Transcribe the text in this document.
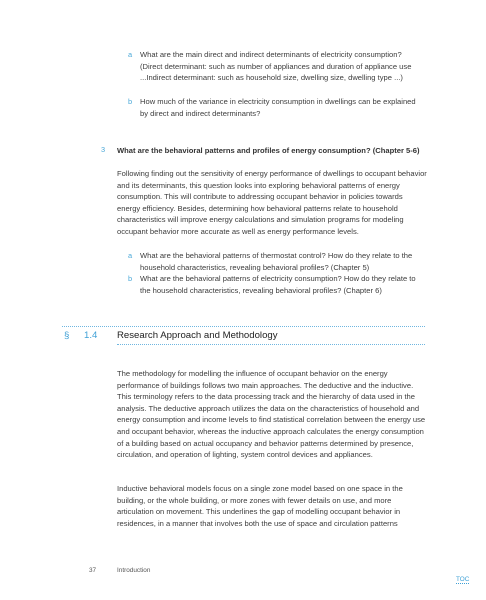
a What are the main direct and indirect determinants of electricity consumption? (Direct determinant: such as number of appliances and duration of appliance use ...Indirect determinant: such as household size, dwelling size, dwelling type ...)
b How much of the variance in electricity consumption in dwellings can be explained by direct and indirect determinants?
3 What are the behavioral patterns and profiles of energy consumption? (Chapter 5-6)
Following finding out the sensitivity of energy performance of dwellings to occupant behavior and its determinants, this question looks into exploring behavioral patterns of energy consumption. This will contribute to addressing occupant behavior in policies towards energy efficiency. Besides, determining how behavioral patterns relate to household characteristics will improve energy calculations and simulation programs for modeling occupant behavior more accurate as well as energy performance levels.
a What are the behavioral patterns of thermostat control? How do they relate to the household characteristics, revealing behavioral profiles? (Chapter 5)
b What are the behavioral patterns of electricity consumption? How do they relate to the household characteristics, revealing behavioral profiles? (Chapter 6)
§ 1.4 Research Approach and Methodology
The methodology for modelling the influence of occupant behavior on the energy performance of buildings follows two main approaches. The deductive and the inductive. This terminology refers to the data processing track and the hierarchy of data used in the analysis. The deductive approach utilizes the data on the characteristics of household and energy consumption and income levels to find statistical correlation between the energy use and occupant behavior, whereas the inductive approach calculates the energy consumption of a building based on actual occupancy and behavior patterns determined by presence, circulation, and operation of lighting, system control devices and appliances.
Inductive behavioral models focus on a single zone model based on one space in the building, or the whole building, or more zones with fewer details on use, and more articulation on movement. This underlines the gap of modelling occupant behavior in residences, in a manner that involves both the use of space and circulation patterns
37	Introduction
TOC
